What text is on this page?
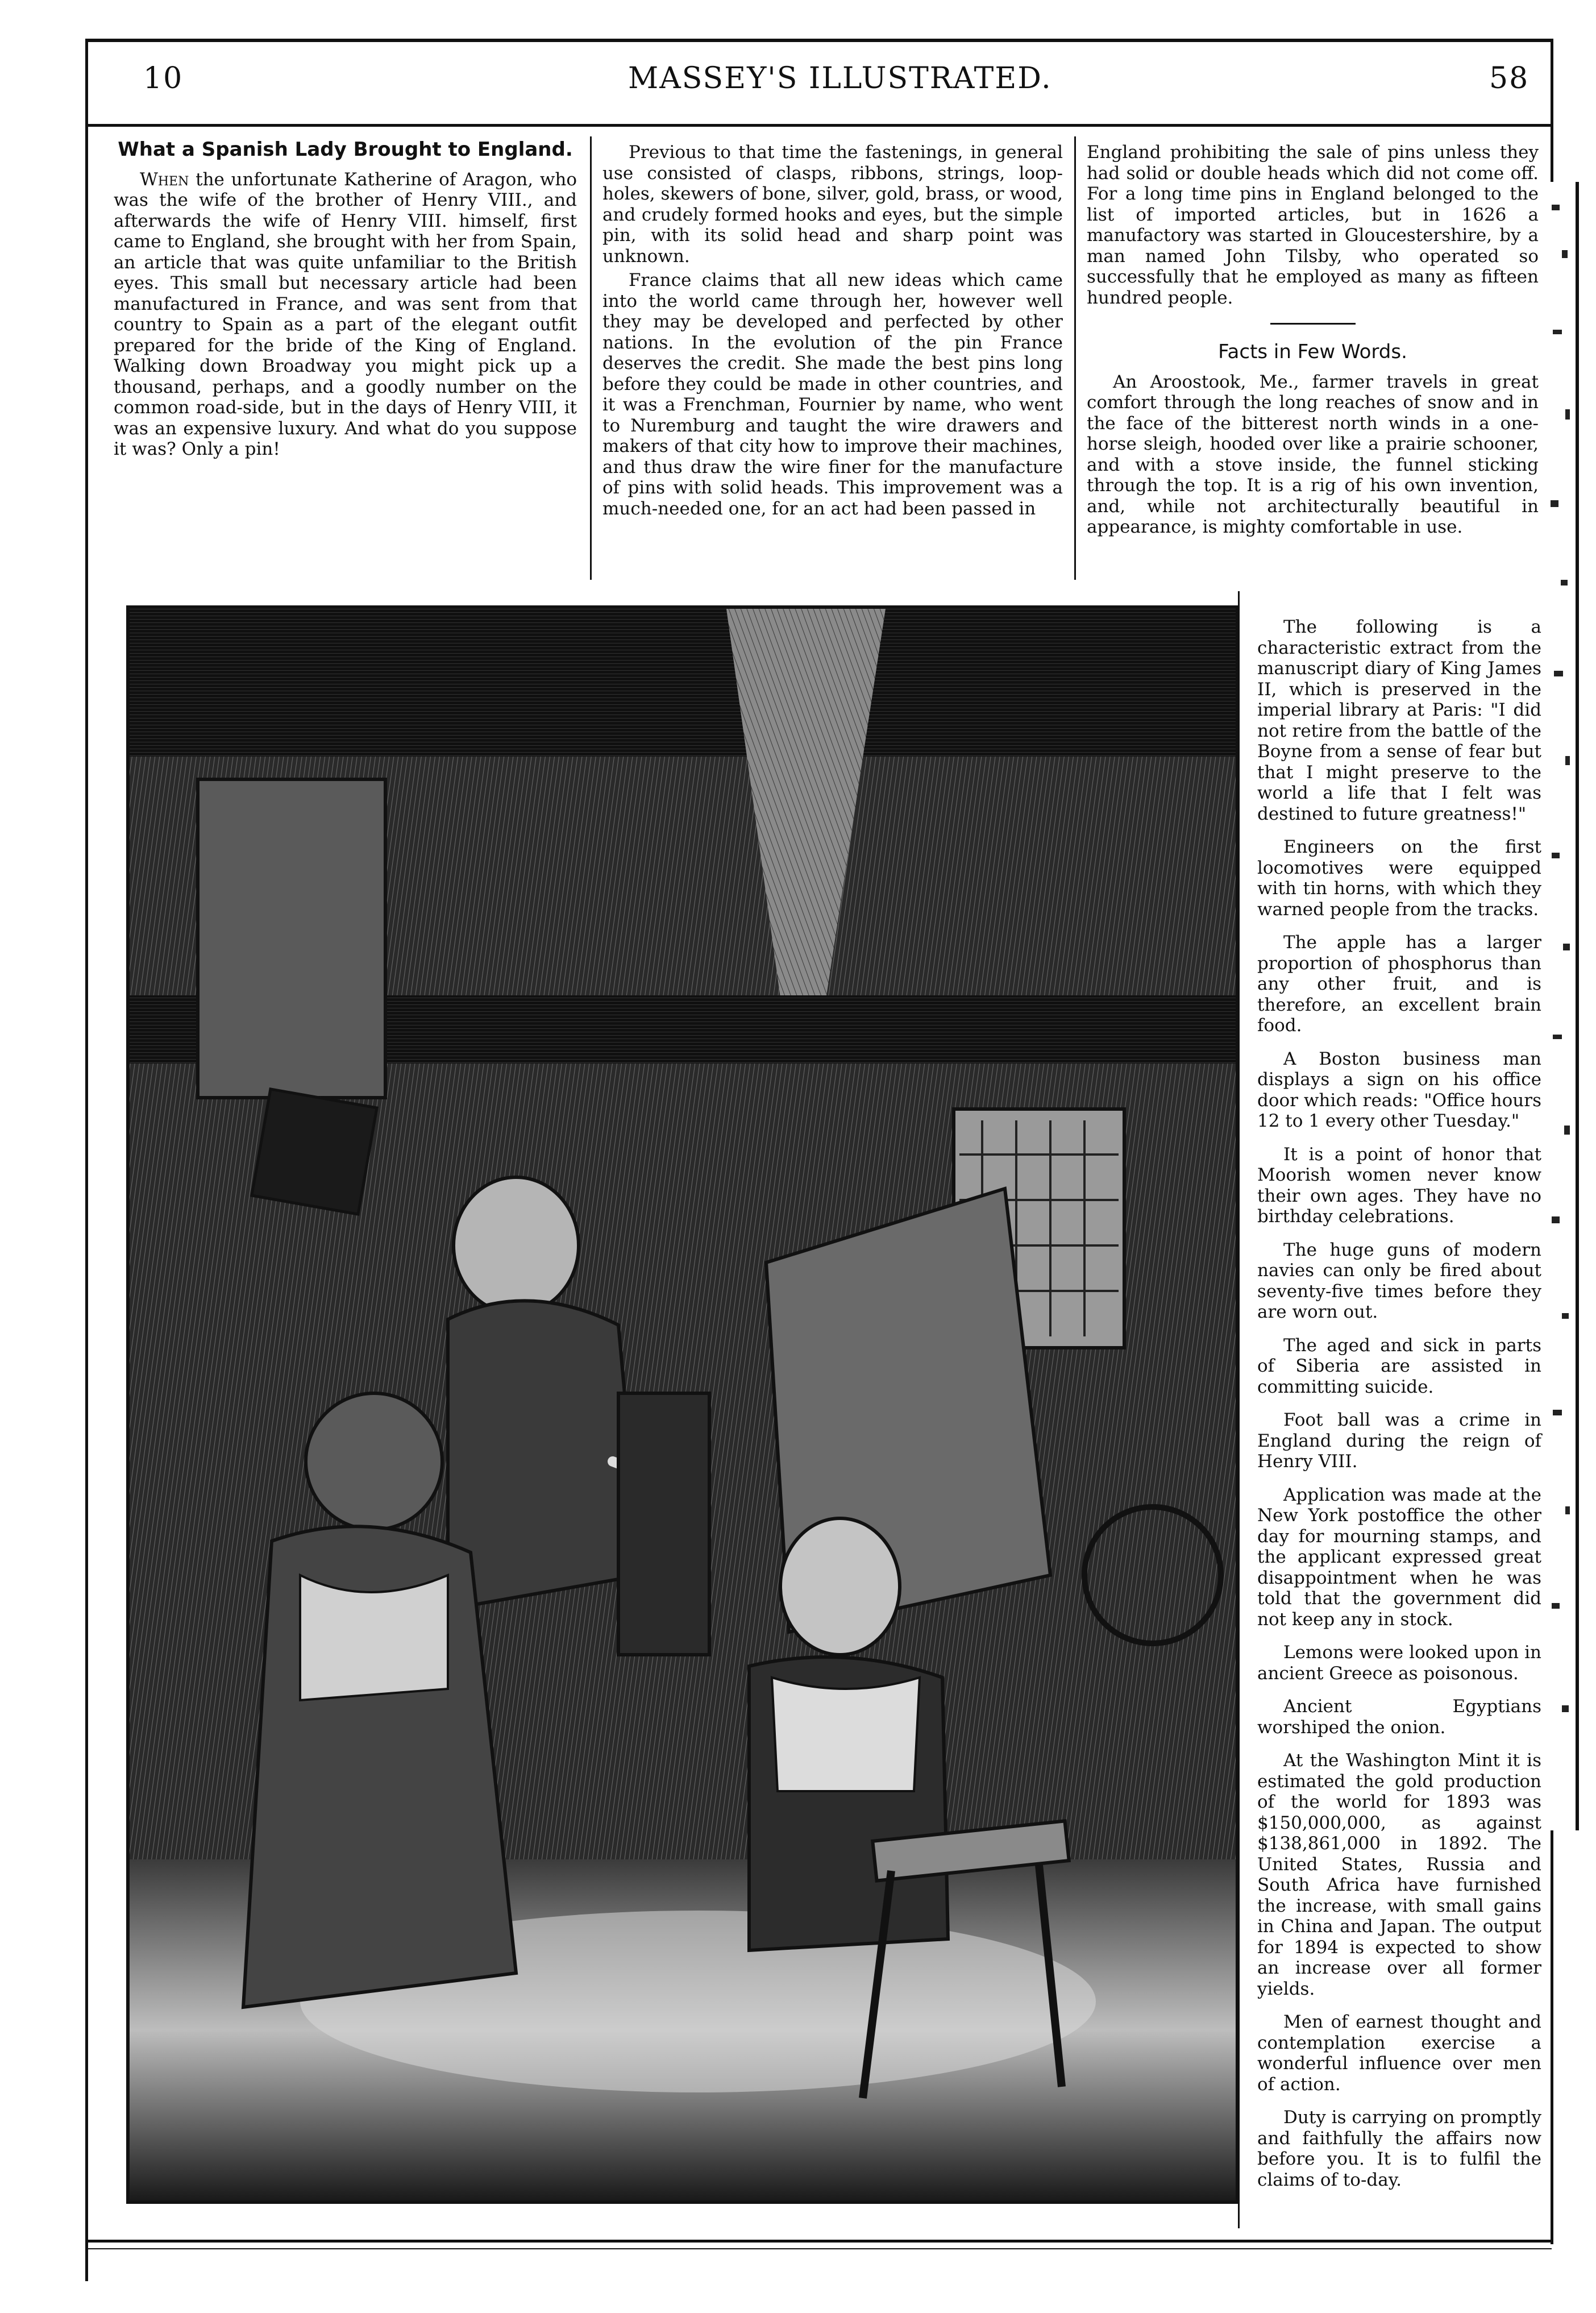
10	MASSEY'S ILLUSTRATED.	58
What a Spanish Lady Brought to England.

When the unfortunate Katherine of Aragon, who was the wife of the brother of Henry VIII., and afterwards the wife of Henry VIII. himself, first came to England, she brought with her from Spain, an article that was quite unfamiliar to the British eyes. This small but necessary article had been manufactured in France, and was sent from that country to Spain as a part of the elegant outfit prepared for the bride of the King of England. Walking down Broadway you might pick up a thousand, perhaps, and a goodly number on the common road-side, but in the days of Henry VIII, it was an expensive luxury. And what do you suppose it was? Only a pin!

Previous to that time the fastenings, in general use consisted of clasps, ribbons, strings, loop-holes, skewers of bone, silver, gold, brass, or wood, and crudely formed hooks and eyes, but the simple pin, with its solid head and sharp point was unknown.

France claims that all new ideas which came into the world came through her, however well they may be developed and perfected by other nations. In the evolution of the pin France deserves the credit. She made the best pins long before they could be made in other countries, and it was a Frenchman, Fournier by name, who went to Nuremburg and taught the wire drawers and makers of that city how to improve their machines, and thus draw the wire finer for the manufacture of pins with solid heads. This improvement was a much-needed one, for an act had been passed in

England prohibiting the sale of pins unless they had solid or double heads which did not come off. For a long time pins in England belonged to the list of imported articles, but in 1626 a manufactory was started in Gloucestershire, by a man named John Tilsby, who operated so successfully that he employed as many as fifteen hundred people.

Facts in Few Words.

An Aroostook, Me., farmer travels in great comfort through the long reaches of snow and in the face of the bitterest north winds in a one-horse sleigh, hooded over like a prairie schooner, and with a stove inside, the funnel sticking through the top. It is a rig of his own invention, and, while not architecturally beautiful in appearance, is mighty comfortable in use.

The following is a characteristic extract from the manuscript diary of King James II, which is preserved in the imperial library at Paris: "I did not retire from the battle of the Boyne from a sense of fear but that I might preserve to the world a life that I felt was destined to future greatness!"

Engineers on the first locomotives were equipped with tin horns, with which they warned people from the tracks.

The apple has a larger proportion of phosphorus than any other fruit, and is therefore, an excellent brain food.

A Boston business man displays a sign on his office door which reads: "Office hours 12 to 1 every other Tuesday."

It is a point of honor that Moorish women never know their own ages. They have no birthday celebrations.

The huge guns of modern navies can only be fired about seventy-five times before they are worn out.

The aged and sick in parts of Siberia are assisted in committing suicide.

Foot ball was a crime in England during the reign of Henry VIII.

Application was made at the New York postoffice the other day for mourning stamps, and the applicant expressed great disappointment when he was told that the government did not keep any in stock.

Lemons were looked upon in ancient Greece as poisonous.

Ancient Egyptians worshiped the onion.

At the Washington Mint it is estimated the gold production of the world for 1893 was $150,000,000, as against $138,861,000 in 1892. The United States, Russia and South Africa have furnished the increase, with small gains in China and Japan. The output for 1894 is expected to show an increase over all former yields.

Men of earnest thought and contemplation exercise a wonderful influence over men of action.

Duty is carrying on promptly and faithfully the affairs now before you. It is to fulfil the claims of to-day.
